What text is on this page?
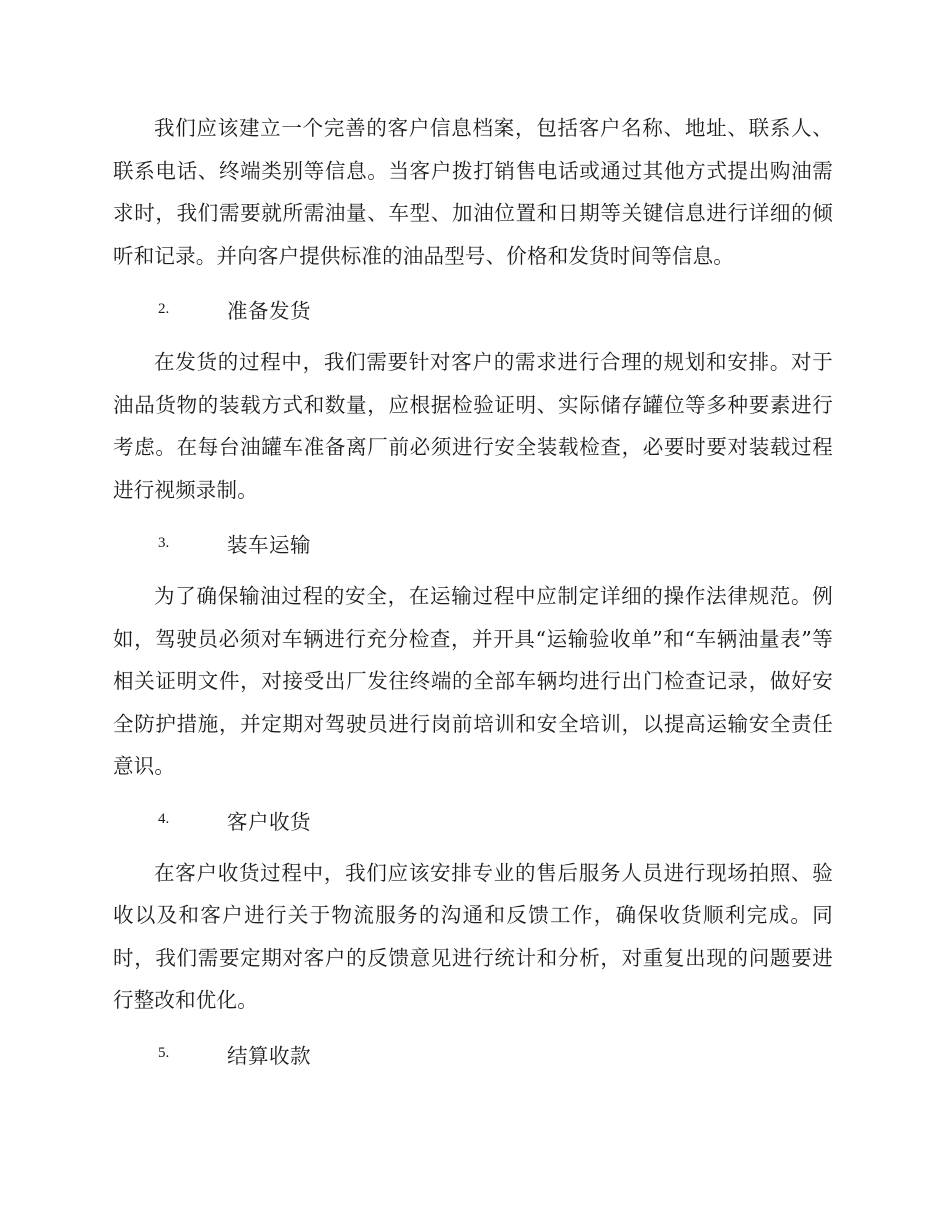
我们应该建立一个完善的客户信息档案，包括客户名称、地址、联系人、联系电话、终端类别等信息。当客户拨打销售电话或通过其他方式提出购油需求时，我们需要就所需油量、车型、加油位置和日期等关键信息进行详细的倾听和记录。并向客户提供标准的油品型号、价格和发货时间等信息。

2.	准备发货

在发货的过程中，我们需要针对客户的需求进行合理的规划和安排。对于油品货物的装载方式和数量，应根据检验证明、实际储存罐位等多种要素进行考虑。在每台油罐车准备离厂前必须进行安全装载检查，必要时要对装载过程进行视频录制。

3.	装车运输

为了确保输油过程的安全，在运输过程中应制定详细的操作法律规范。例如，驾驶员必须对车辆进行充分检查，并开具“运输验收单”和“车辆油量表”等相关证明文件，对接受出厂发往终端的全部车辆均进行出门检查记录，做好安全防护措施，并定期对驾驶员进行岗前培训和安全培训，以提高运输安全责任意识。

4.	客户收货

在客户收货过程中，我们应该安排专业的售后服务人员进行现场拍照、验收以及和客户进行关于物流服务的沟通和反馈工作，确保收货顺利完成。同时，我们需要定期对客户的反馈意见进行统计和分析，对重复出现的问题要进行整改和优化。

5.	结算收款
